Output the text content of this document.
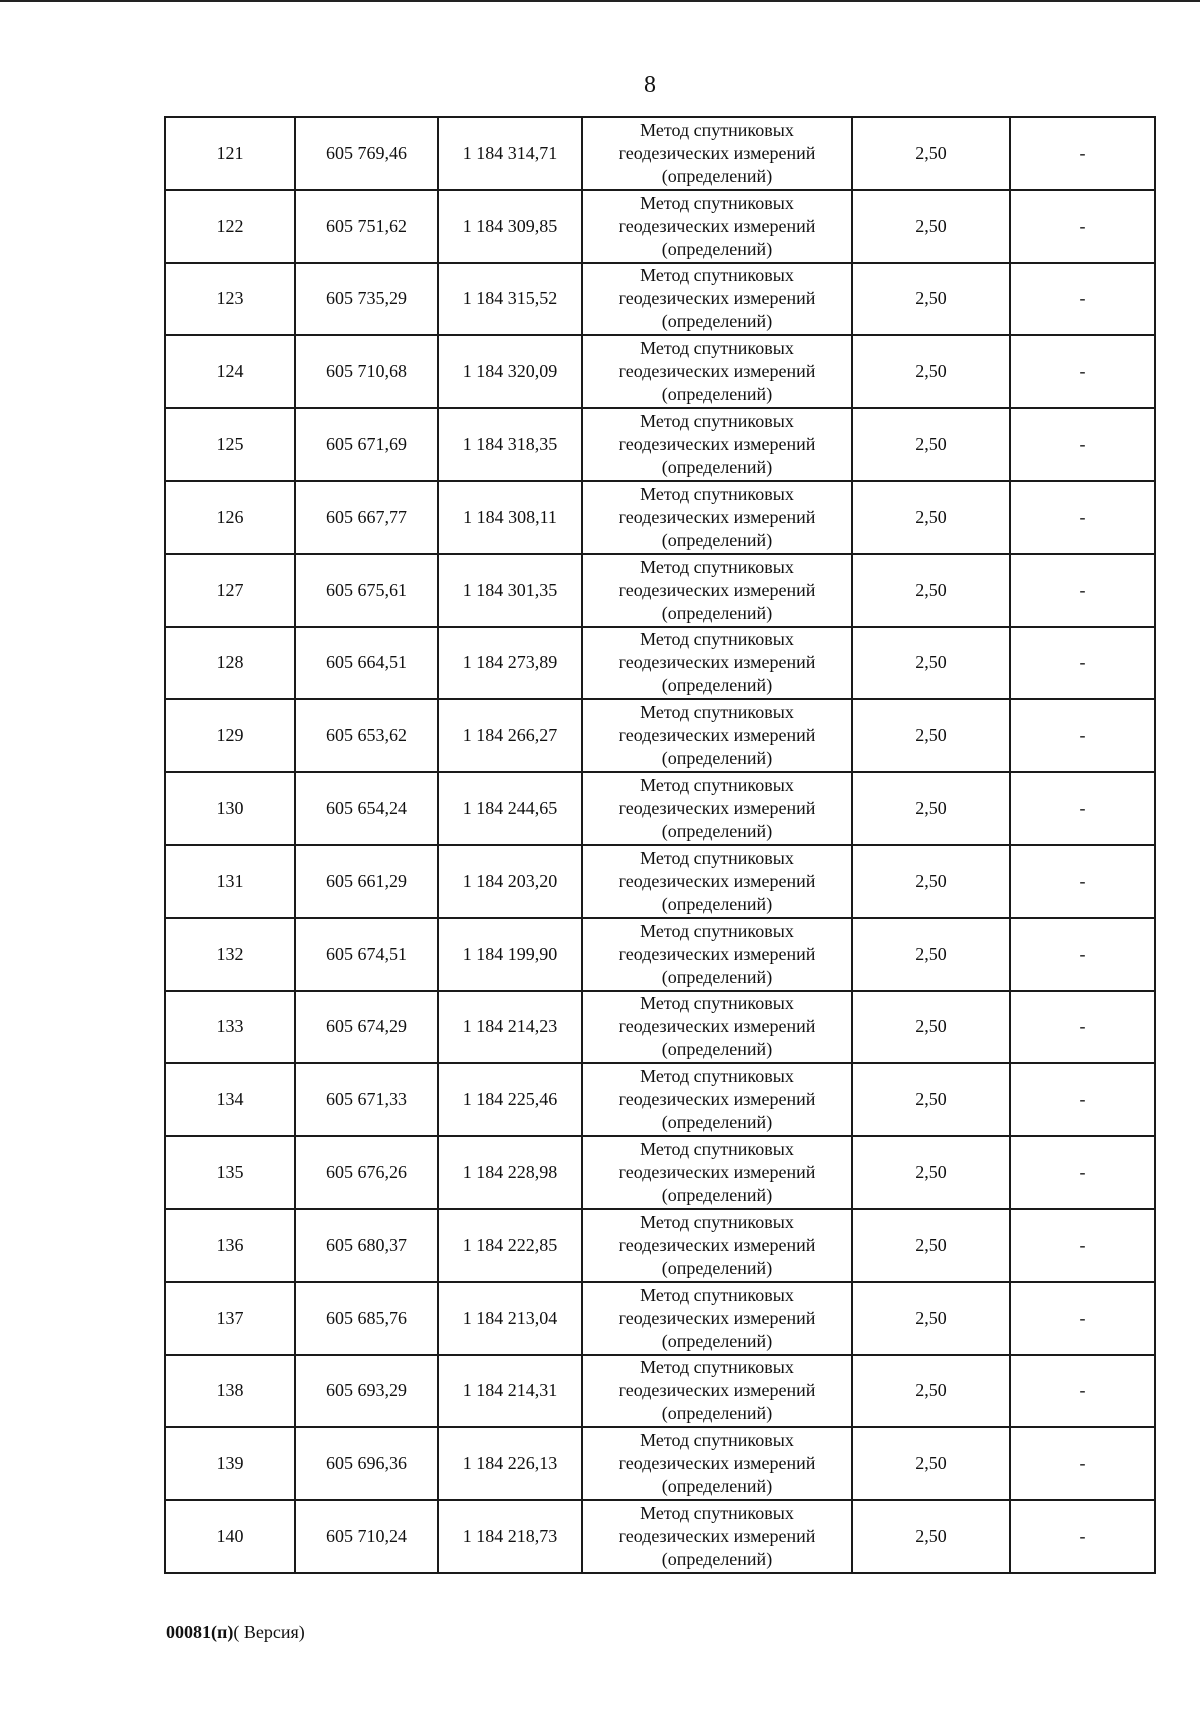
8
121	605 769,46	1 184 314,71	Метод спутниковых
геодезических измерений
(определений)	2,50	-
122	605 751,62	1 184 309,85	Метод спутниковых
геодезических измерений
(определений)	2,50	-
123	605 735,29	1 184 315,52	Метод спутниковых
геодезических измерений
(определений)	2,50	-
124	605 710,68	1 184 320,09	Метод спутниковых
геодезических измерений
(определений)	2,50	-
125	605 671,69	1 184 318,35	Метод спутниковых
геодезических измерений
(определений)	2,50	-
126	605 667,77	1 184 308,11	Метод спутниковых
геодезических измерений
(определений)	2,50	-
127	605 675,61	1 184 301,35	Метод спутниковых
геодезических измерений
(определений)	2,50	-
128	605 664,51	1 184 273,89	Метод спутниковых
геодезических измерений
(определений)	2,50	-
129	605 653,62	1 184 266,27	Метод спутниковых
геодезических измерений
(определений)	2,50	-
130	605 654,24	1 184 244,65	Метод спутниковых
геодезических измерений
(определений)	2,50	-
131	605 661,29	1 184 203,20	Метод спутниковых
геодезических измерений
(определений)	2,50	-
132	605 674,51	1 184 199,90	Метод спутниковых
геодезических измерений
(определений)	2,50	-
133	605 674,29	1 184 214,23	Метод спутниковых
геодезических измерений
(определений)	2,50	-
134	605 671,33	1 184 225,46	Метод спутниковых
геодезических измерений
(определений)	2,50	-
135	605 676,26	1 184 228,98	Метод спутниковых
геодезических измерений
(определений)	2,50	-
136	605 680,37	1 184 222,85	Метод спутниковых
геодезических измерений
(определений)	2,50	-
137	605 685,76	1 184 213,04	Метод спутниковых
геодезических измерений
(определений)	2,50	-
138	605 693,29	1 184 214,31	Метод спутниковых
геодезических измерений
(определений)	2,50	-
139	605 696,36	1 184 226,13	Метод спутниковых
геодезических измерений
(определений)	2,50	-
140	605 710,24	1 184 218,73	Метод спутниковых
геодезических измерений
(определений)	2,50	-
00081(п)( Версия)
